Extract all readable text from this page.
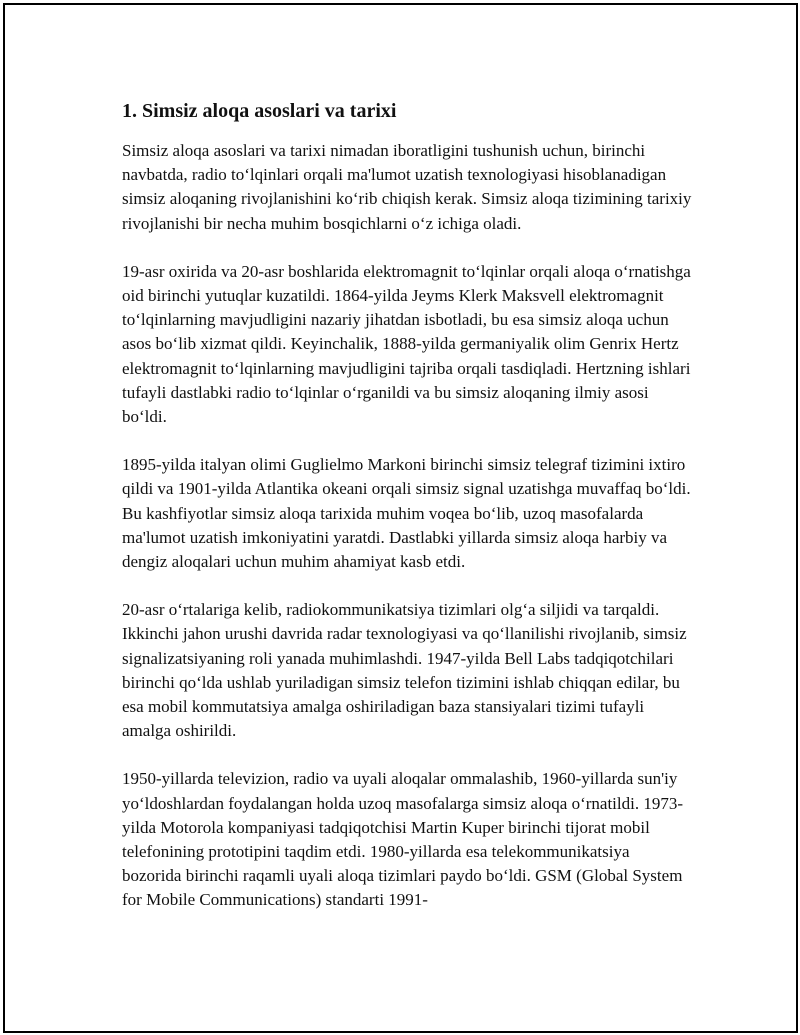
1. Simsiz aloqa asoslari va tarixi

Simsiz aloqa asoslari va tarixi nimadan iboratligini tushunish uchun, birinchi navbatda, radio to‘lqinlari orqali ma'lumot uzatish texnologiyasi hisoblanadigan simsiz aloqaning rivojlanishini ko‘rib chiqish kerak. Simsiz aloqa tizimining tarixiy rivojlanishi bir necha muhim bosqichlarni o‘z ichiga oladi.

19-asr oxirida va 20-asr boshlarida elektromagnit to‘lqinlar orqali aloqa o‘rnatishga oid birinchi yutuqlar kuzatildi. 1864-yilda Jeyms Klerk Maksvell elektromagnit to‘lqinlarning mavjudligini nazariy jihatdan isbotladi, bu esa simsiz aloqa uchun asos bo‘lib xizmat qildi. Keyinchalik, 1888-yilda germaniyalik olim Genrix Hertz elektromagnit to‘lqinlarning mavjudligini tajriba orqali tasdiqladi. Hertzning ishlari tufayli dastlabki radio to‘lqinlar o‘rganildi va bu simsiz aloqaning ilmiy asosi bo‘ldi.

1895-yilda italyan olimi Guglielmo Markoni birinchi simsiz telegraf tizimini ixtiro qildi va 1901-yilda Atlantika okeani orqali simsiz signal uzatishga muvaffaq bo‘ldi. Bu kashfiyotlar simsiz aloqa tarixida muhim voqea bo‘lib, uzoq masofalarda ma'lumot uzatish imkoniyatini yaratdi. Dastlabki yillarda simsiz aloqa harbiy va dengiz aloqalari uchun muhim ahamiyat kasb etdi.

20-asr o‘rtalariga kelib, radiokommunikatsiya tizimlari olg‘a siljidi va tarqaldi. Ikkinchi jahon urushi davrida radar texnologiyasi va qo‘llanilishi rivojlanib, simsiz signalizatsiyaning roli yanada muhimlashdi. 1947-yilda Bell Labs tadqiqotchilari birinchi qo‘lda ushlab yuriladigan simsiz telefon tizimini ishlab chiqqan edilar, bu esa mobil kommutatsiya amalga oshiriladigan baza stansiyalari tizimi tufayli amalga oshirildi.

1950-yillarda televizion, radio va uyali aloqalar ommalashib, 1960-yillarda sun'iy yo‘ldoshlardan foydalangan holda uzoq masofalarga simsiz aloqa o‘rnatildi. 1973-yilda Motorola kompaniyasi tadqiqotchisi Martin Kuper birinchi tijorat mobil telefonining prototipini taqdim etdi. 1980-yillarda esa telekommunikatsiya bozorida birinchi raqamli uyali aloqa tizimlari paydo bo‘ldi. GSM (Global System for Mobile Communications) standarti 1991-
